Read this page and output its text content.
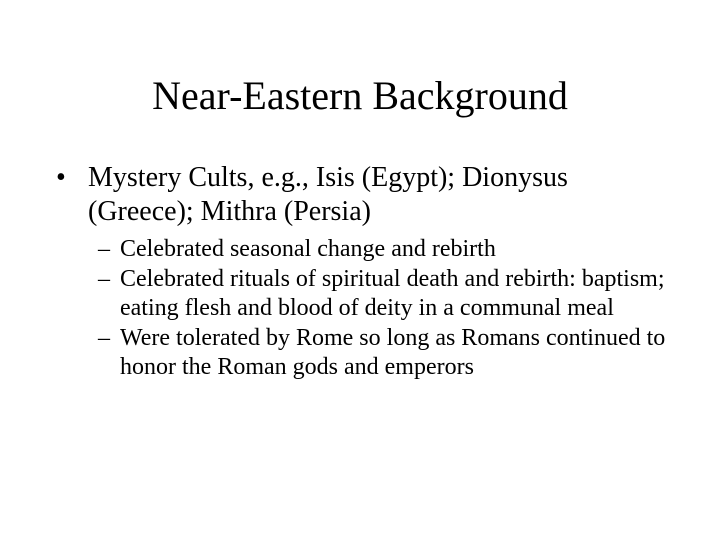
Near-Eastern Background
• Mystery Cults, e.g., Isis (Egypt); Dionysus (Greece); Mithra (Persia)
– Celebrated seasonal change and rebirth
– Celebrated rituals of spiritual death and rebirth: baptism; eating flesh and blood of deity in a communal meal
– Were tolerated by Rome so long as Romans continued to honor the Roman gods and emperors
